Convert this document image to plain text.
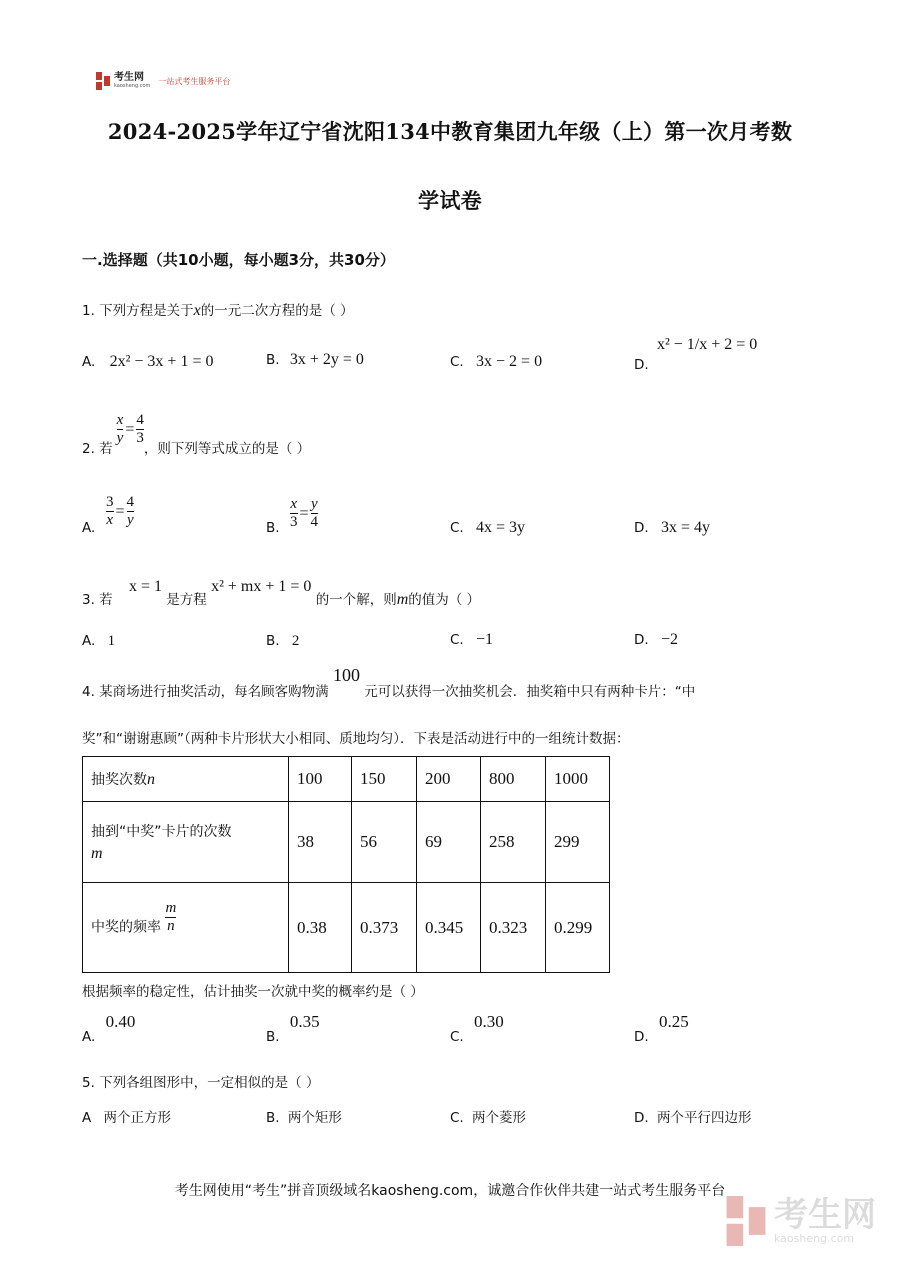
考生网
kaosheng.com
一站式考生服务平台
2024-2025学年辽宁省沈阳134中教育集团九年级（上）第一次月考数
学试卷
一.选择题（共10小题，每小题3分，共30分）
1. 下列方程是关于x的一元二次方程的是（ ）
A. 2x² − 3x + 1 = 0	B. 3x + 2y = 0	C. 3x − 2 = 0	D. x² − 1/x + 2 = 0
2. 若
$\frac{x}{y} = \frac{4}{3}$
，则下列等式成立的是（ ）
A. $\frac{3}{x} = \frac{4}{y}$	B. $\frac{x}{3} = \frac{y}{4}$	C. 4x = 3y	D. 3x = 4y
3. 若 x = 1 是方程 x² + mx + 1 = 0 的一个解，则m的值为（ ）
A. 1	B. 2	C. −1	D. −2
4. 某商场进行抽奖活动，每名顾客购物满 100 元可以获得一次抽奖机会．抽奖箱中只有两种卡片：“中
奖”和“谢谢惠顾”（两种卡片形状大小相同、质地均匀）．下表是活动进行中的一组统计数据：
抽奖次数n	100	150	200	800	1000

抽到“中奖”卡片的次数
m	38	56	69	258	299
中奖的频率 $\frac{m}{n}$	0.38	0.373	0.345	0.323	0.299
根据频率的稳定性，估计抽奖一次就中奖的概率约是（ ）
A. 0.40
B. 0.35
C. 0.30
D. 0.25
5. 下列各组图形中，一定相似的是（ ）
A 两个正方形	B. 两个矩形	C. 两个菱形	D. 两个平行四边形
考生网使用“考生”拼音顶级域名kaosheng.com，诚邀合作伙伴共建一站式考生服务平台
考生网
kaosheng.com
